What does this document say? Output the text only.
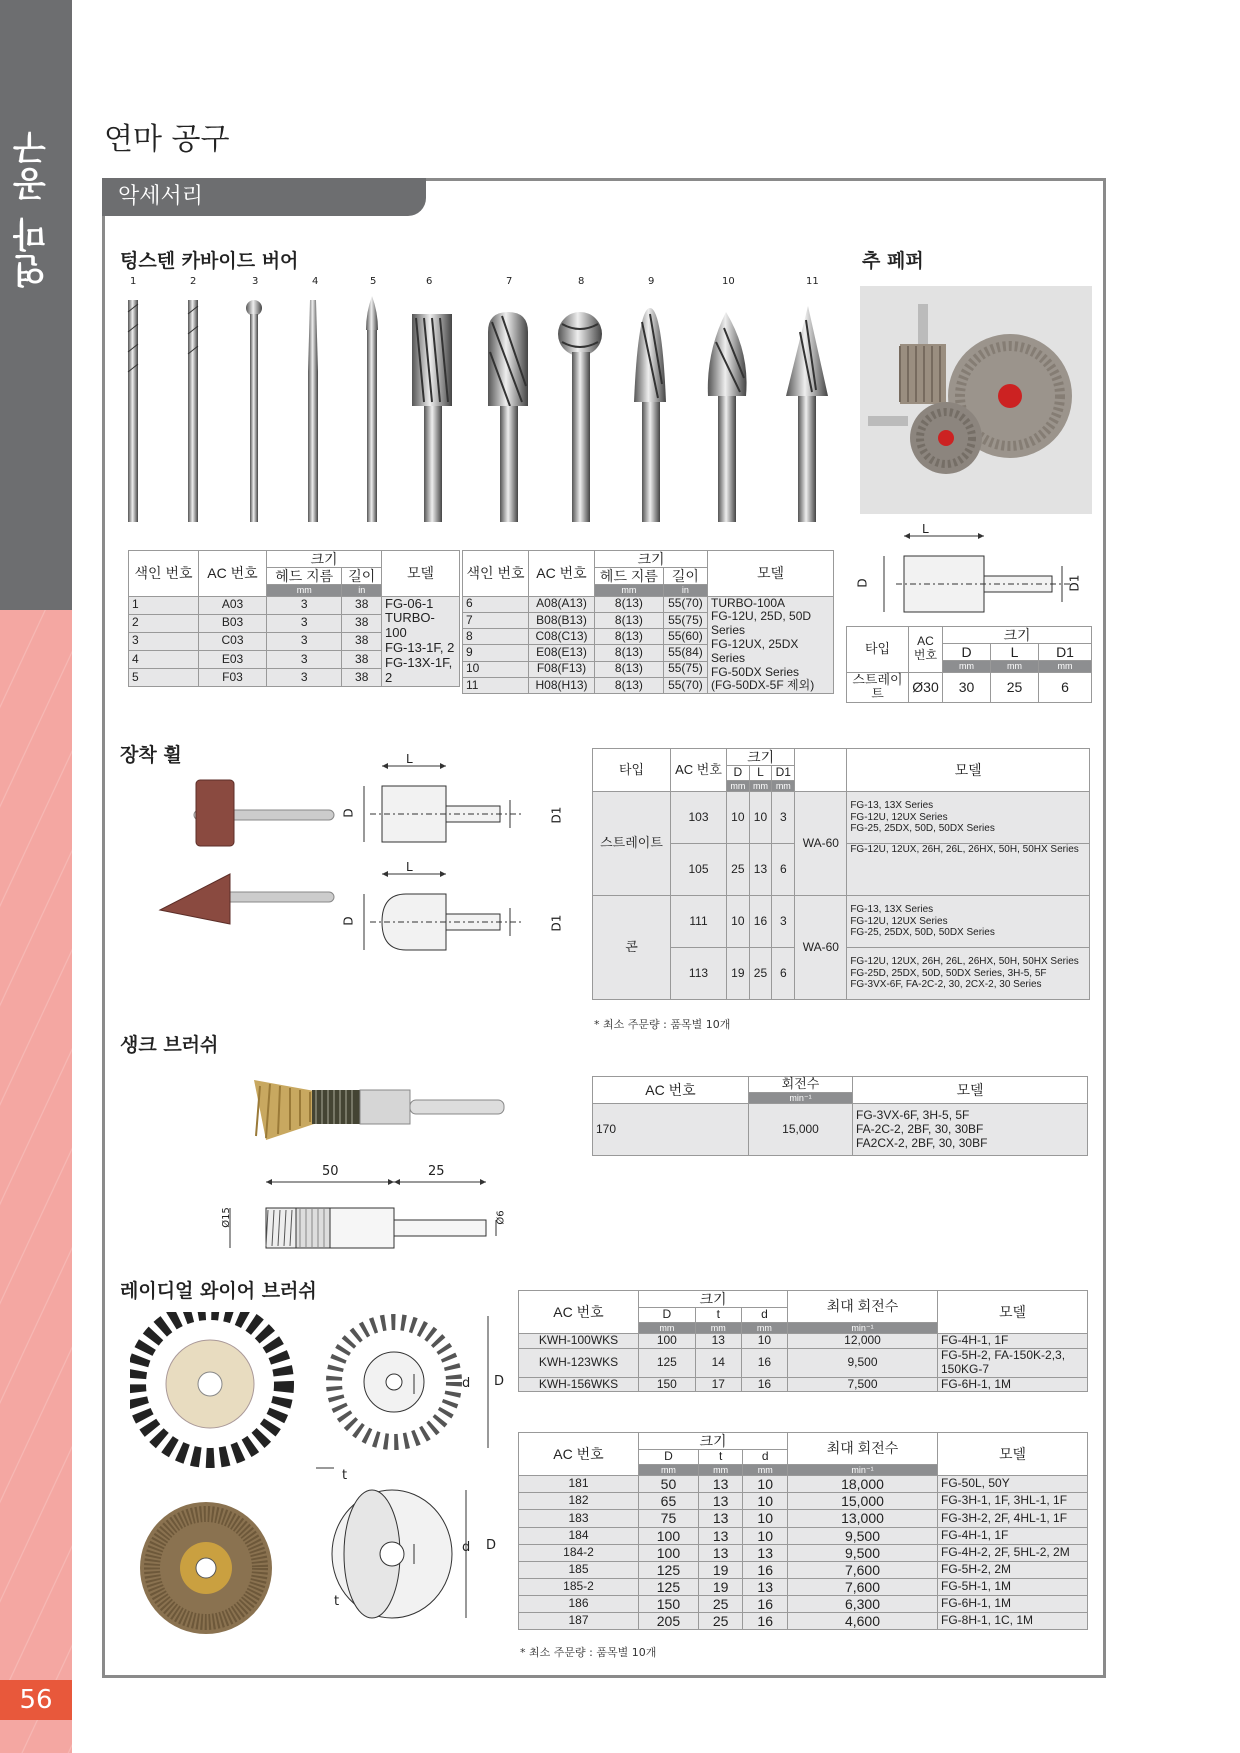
연마 공구
56
연마 공구
악세서리
텅스텐 카바이드 버어
1	2	3	4	5	6	7	8	9	10	11
색인 번호	AC 번호	크기		모델
		헤드 지름	길이	
		mm	in	
1	A03	3	38	FG-06-1
TURBO-100
FG-13-1F, 2
FG-13X-1F, 2

2	B03	3	38	
3	C03	3	38	
4	E03	3	38	
5	F03	3	38	
색인 번호	AC 번호	크기		모델
		헤드 지름	길이	
		mm	in	
6	A08(A13)	8(13)	55(70)	TURBO-100A
FG-12U, 25D, 50D Series
FG-12UX, 25DX Series
FG-50DX Series
(FG-50DX-5F 제외)

7	B08(B13)	8(13)	55(75)	
8	C08(C13)	8(13)	55(60)	
9	E08(E13)	8(13)	55(84)	
10	F08(F13)	8(13)	55(75)	
11	H08(H13)	8(13)	55(70)	
추 페퍼
L
D	D1
타입	AC 번호	크기		
		D	L	D1
		mm	mm	mm
스트레이트	Ø30	30	25	6
장착 휠	L
D	D1
L
D	D1
타입	AC 번호	크기				모델
		D	L	D1		
		mm	mm	mm		
스트레이트	103	10	10	3	WA-60	FG-13, 13X Series
FG-12U, 12UX Series
FG-25, 25DX, 50D, 50DX Series

	105	25	13	6		FG-12U, 12UX, 26H, 26L, 26HX, 50H, 50HX Series

콘	111	10	16	3	WA-60	FG-13, 13X Series
FG-12U, 12UX Series
FG-25, 25DX, 50D, 50DX Series

	113	19	25	6		FG-12U, 12UX, 26H, 26L, 26HX, 50H, 50HX Series
FG-25D, 25DX, 50D, 50DX Series, 3H-5, 5F
FG-3VX-6F, FA-2C-2, 30, 2CX-2, 30 Series
* 최소 주문량 : 품목별 10개
생크 브러쉬
50	25
Ø15	Ø6
AC 번호	회전수	모델
	min⁻¹	
170	15,000	FG-3VX-6F, 3H-5, 5F
FA-2C-2, 2BF, 30, 30BF
FA2CX-2, 2BF, 30, 30BF
레이디얼 와이어 브러쉬
d D
t
d D
t
AC 번호	크기			최대 회전수	모델
	D	t	d		
	mm	mm	mm	min⁻¹	
KWH-100WKS	100	13	10	12,000	FG-4H-1, 1F
KWH-123WKS	125	14	16	9,500	FG-5H-2, FA-150K-2,3, 150KG-7
KWH-156WKS	150	17	16	7,500	FG-6H-1, 1M
AC 번호	크기			최대 회전수	모델
	D	t	d		
	mm	mm	mm	min⁻¹	
181	50	13	10	18,000	FG-50L, 50Y
182	65	13	10	15,000	FG-3H-1, 1F, 3HL-1, 1F
183	75	13	10	13,000	FG-3H-2, 2F, 4HL-1, 1F
184	100	13	10	9,500	FG-4H-1, 1F
184-2	100	13	13	9,500	FG-4H-2, 2F, 5HL-2, 2M
185	125	19	16	7,600	FG-5H-2, 2M
185-2	125	19	13	7,600	FG-5H-1, 1M
186	150	25	16	6,300	FG-6H-1, 1M
187	205	25	16	4,600	FG-8H-1, 1C, 1M
* 최소 주문량 : 품목별 10개
